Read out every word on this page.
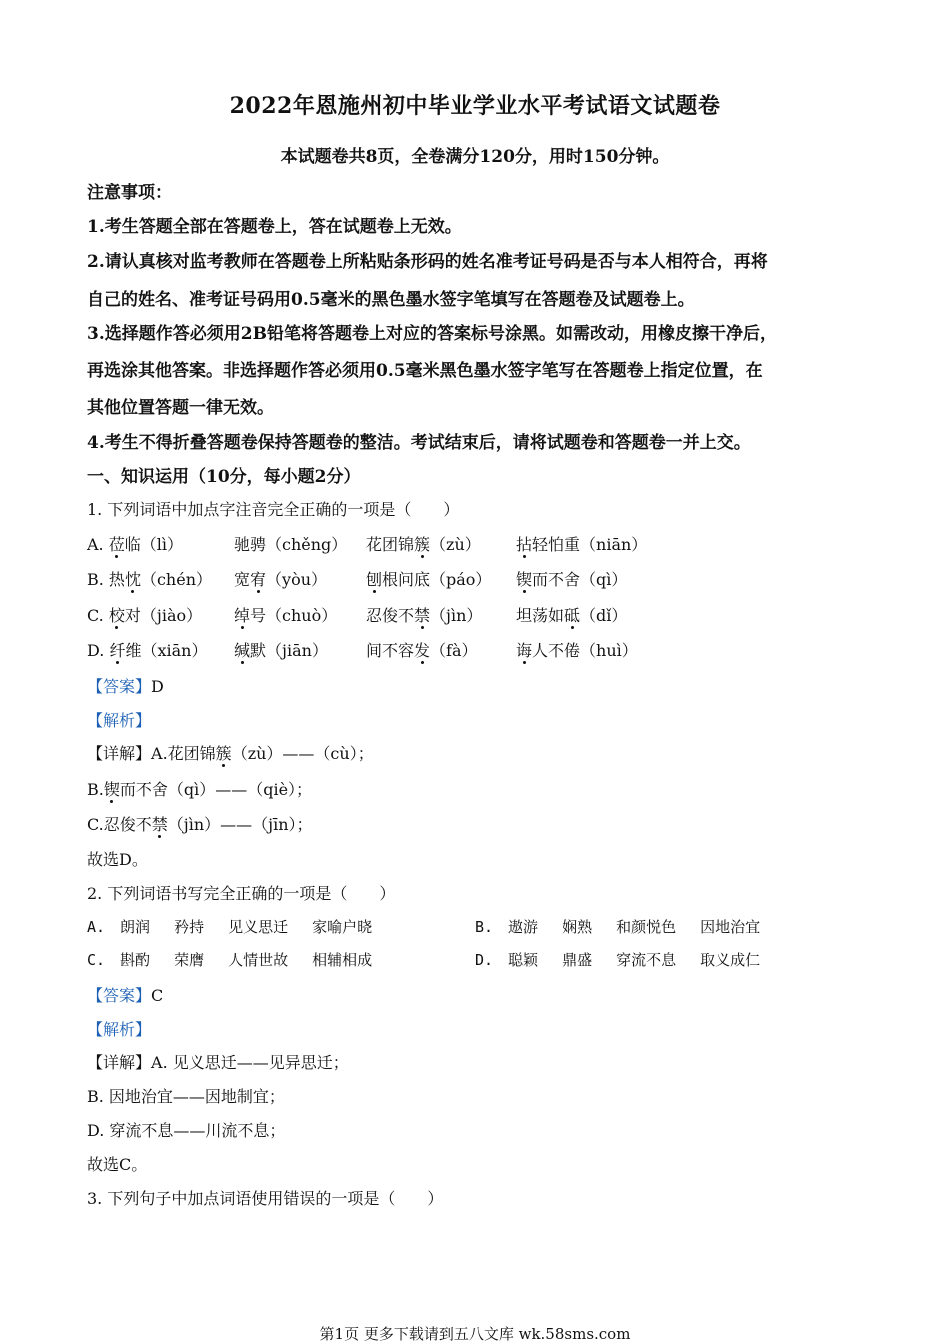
2022年恩施州初中毕业学业水平考试语文试题卷
本试题卷共8页，全卷满分120分，用时150分钟。
注意事项：
1.考生答题全部在答题卷上，答在试题卷上无效。
2.请认真核对监考教师在答题卷上所粘贴条形码的姓名准考证号码是否与本人相符合，再将
自己的姓名、准考证号码用0.5毫米的黑色墨水签字笔填写在答题卷及试题卷上。
3.选择题作答必须用2B铅笔将答题卷上对应的答案标号涂黑。如需改动，用橡皮擦干净后，
再选涂其他答案。非选择题作答必须用0.5毫米黑色墨水签字笔写在答题卷上指定位置，在
其他位置答题一律无效。
4.考生不得折叠答题卷保持答题卷的整洁。考试结束后，请将试题卷和答题卷一并上交。
一、知识运用（10分，每小题2分）
1. 下列词语中加点字注音完全正确的一项是（　　）
A. 莅临（lì）	驰骋（chěng） 花团锦簇（zù） 拈轻怕重（niān）
B. 热忱（chén） 宽宥（yòu） 刨根问底（páo） 锲而不舍（qì）
C. 校对（jiào） 绰号（chuò） 忍俊不禁（jìn） 坦荡如砥（dǐ）
D. 纤维（xiān） 缄默（jiān） 间不容发（fà） 诲人不倦（huì）
【答案】D
【解析】
【详解】A.花团锦簇（zù）——（cù）；
B.锲而不舍（qì）——（qiè）；
C.忍俊不禁（jìn）——（jīn）；
故选D。
2. 下列词语书写完全正确的一项是（　　）
A.　朗润　 矜持　 见义思迁　 家喻户晓	B.　遨游　 娴熟　 和颜悦色　 因地治宜
C.　斟酌　 荣膺　 人情世故　 相辅相成	D.　聪颖　 鼎盛　 穿流不息　 取义成仁
【答案】C
【解析】
【详解】A. 见义思迁——见异思迁；
B. 因地治宜——因地制宜；
D. 穿流不息——川流不息；
故选C。
3. 下列句子中加点词语使用错误的一项是（　　）
第1页 更多下载请到五八文库 wk.58sms.com
